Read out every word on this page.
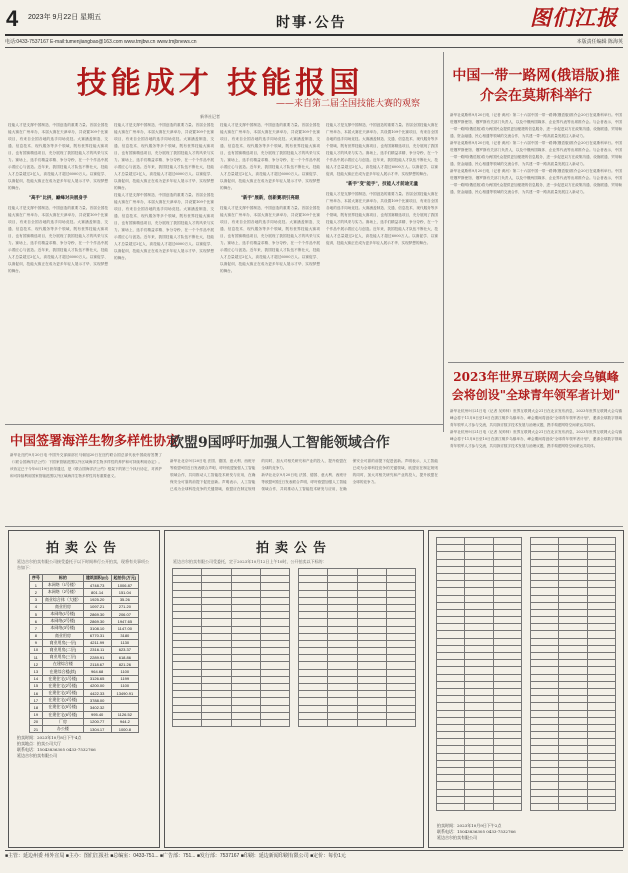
4 2023年 9月22日 星期五	时事·公告	图们江报
电话:0433-7537167 E-mail:tumenjiangbao@163.com www.tmjbw.cn www.tmjbnews.cn	本版责任编辑 陈海英
技能成才 技能报国
——来自第二届全国技能大赛的观察
新华社记者
技能人才是支撑中国制造、中国创造的重要力量。首届全国技能大赛在广州举办，本届大赛在天津举办，共设置109个比赛项目，有来自全国各地的选手同场竞技。大赛涵盖制造、交通、信息技术、现代服务等多个领域，既有世界技能大赛项目，也有国赛精选项目，充分展现了我国技能人才的风采与实力。赛场上，选手们精益求精、争分夺秒，在一个个作品中展示着匠心与创造。近年来，我国技能人才队伍不断壮大，技能人才总量超过2亿人，高技能人才超过6000万人。以赛促学、以赛促训，技能大赛正在成为更多年轻人展示才华、实现梦想的舞台。
"高手"比拼，巅峰对决展身手
技能人才是支撑中国制造、中国创造的重要力量。首届全国技能大赛在广州举办，本届大赛在天津举办，共设置109个比赛项目，有来自全国各地的选手同场竞技。大赛涵盖制造、交通、信息技术、现代服务等多个领域，既有世界技能大赛项目，也有国赛精选项目，充分展现了我国技能人才的风采与实力。赛场上，选手们精益求精、争分夺秒，在一个个作品中展示着匠心与创造。近年来，我国技能人才队伍不断壮大，技能人才总量超过2亿人，高技能人才超过6000万人。以赛促学、以赛促训，技能大赛正在成为更多年轻人展示才华、实现梦想的舞台。
技能人才是支撑中国制造、中国创造的重要力量。首届全国技能大赛在广州举办，本届大赛在天津举办，共设置109个比赛项目，有来自全国各地的选手同场竞技。大赛涵盖制造、交通、信息技术、现代服务等多个领域，既有世界技能大赛项目，也有国赛精选项目，充分展现了我国技能人才的风采与实力。赛场上，选手们精益求精、争分夺秒，在一个个作品中展示着匠心与创造。近年来，我国技能人才队伍不断壮大，技能人才总量超过2亿人，高技能人才超过6000万人。以赛促学、以赛促训，技能大赛正在成为更多年轻人展示才华、实现梦想的舞台。
技能人才是支撑中国制造、中国创造的重要力量。首届全国技能大赛在广州举办，本届大赛在天津举办，共设置109个比赛项目，有来自全国各地的选手同场竞技。大赛涵盖制造、交通、信息技术、现代服务等多个领域，既有世界技能大赛项目，也有国赛精选项目，充分展现了我国技能人才的风采与实力。赛场上，选手们精益求精、争分夺秒，在一个个作品中展示着匠心与创造。近年来，我国技能人才队伍不断壮大，技能人才总量超过2亿人，高技能人才超过6000万人。以赛促学、以赛促训，技能大赛正在成为更多年轻人展示才华、实现梦想的舞台。
技能人才是支撑中国制造、中国创造的重要力量。首届全国技能大赛在广州举办，本届大赛在天津举办，共设置109个比赛项目，有来自全国各地的选手同场竞技。大赛涵盖制造、交通、信息技术、现代服务等多个领域，既有世界技能大赛项目，也有国赛精选项目，充分展现了我国技能人才的风采与实力。赛场上，选手们精益求精、争分夺秒，在一个个作品中展示着匠心与创造。近年来，我国技能人才队伍不断壮大，技能人才总量超过2亿人，高技能人才超过6000万人。以赛促学、以赛促训，技能大赛正在成为更多年轻人展示才华、实现梦想的舞台。
"新手"展新，创新赛项引亮眼
技能人才是支撑中国制造、中国创造的重要力量。首届全国技能大赛在广州举办，本届大赛在天津举办，共设置109个比赛项目，有来自全国各地的选手同场竞技。大赛涵盖制造、交通、信息技术、现代服务等多个领域，既有世界技能大赛项目，也有国赛精选项目，充分展现了我国技能人才的风采与实力。赛场上，选手们精益求精、争分夺秒，在一个个作品中展示着匠心与创造。近年来，我国技能人才队伍不断壮大，技能人才总量超过2亿人，高技能人才超过6000万人。以赛促学、以赛促训，技能大赛正在成为更多年轻人展示才华、实现梦想的舞台。
技能人才是支撑中国制造、中国创造的重要力量。首届全国技能大赛在广州举办，本届大赛在天津举办，共设置109个比赛项目，有来自全国各地的选手同场竞技。大赛涵盖制造、交通、信息技术、现代服务等多个领域，既有世界技能大赛项目，也有国赛精选项目，充分展现了我国技能人才的风采与实力。赛场上，选手们精益求精、争分夺秒，在一个个作品中展示着匠心与创造。近年来，我国技能人才队伍不断壮大，技能人才总量超过2亿人，高技能人才超过6000万人。以赛促学、以赛促训，技能大赛正在成为更多年轻人展示才华、实现梦想的舞台。
"新手"变"能手"，技能人才前途无量
技能人才是支撑中国制造、中国创造的重要力量。首届全国技能大赛在广州举办，本届大赛在天津举办，共设置109个比赛项目，有来自全国各地的选手同场竞技。大赛涵盖制造、交通、信息技术、现代服务等多个领域，既有世界技能大赛项目，也有国赛精选项目，充分展现了我国技能人才的风采与实力。赛场上，选手们精益求精、争分夺秒，在一个个作品中展示着匠心与创造。近年来，我国技能人才队伍不断壮大，技能人才总量超过2亿人，高技能人才超过6000万人。以赛促学、以赛促训，技能大赛正在成为更多年轻人展示才华、实现梦想的舞台。
中国一带一路网(俄语版)推介会在莫斯科举行
新华社莫斯科9月20日电（记者 黄河）第二十六届中国一带一路网(俄语版)推介会20日在莫斯科举行。中国驻俄罗斯使馆、俄罗斯有关部门负责人，以及中俄两国媒体、企业界代表等出席推介会。与会者表示，中国一带一路网(俄语版)将为两国民众提供更加便捷的信息服务，进一步促进双方在政策沟通、设施联通、贸易畅通、资金融通、民心相通等领域的交流合作，为共建一带一路高质量发展注入新动力。
新华社莫斯科9月20日电（记者 黄河）第二十六届中国一带一路网(俄语版)推介会20日在莫斯科举行。中国驻俄罗斯使馆、俄罗斯有关部门负责人，以及中俄两国媒体、企业界代表等出席推介会。与会者表示，中国一带一路网(俄语版)将为两国民众提供更加便捷的信息服务，进一步促进双方在政策沟通、设施联通、贸易畅通、资金融通、民心相通等领域的交流合作，为共建一带一路高质量发展注入新动力。
新华社莫斯科9月20日电（记者 黄河）第二十六届中国一带一路网(俄语版)推介会20日在莫斯科举行。中国驻俄罗斯使馆、俄罗斯有关部门负责人，以及中俄两国媒体、企业界代表等出席推介会。与会者表示，中国一带一路网(俄语版)将为两国民众提供更加便捷的信息服务，进一步促进双方在政策沟通、设施联通、贸易畅通、资金融通、民心相通等领域的交流合作，为共建一带一路高质量发展注入新动力。
2023年世界互联网大会乌镇峰会将创设"全球青年领军者计划"
新华社杭州9月21日电（记者 吴帅帅）世界互联网大会21日在北京发布消息，2023年世界互联网大会乌镇峰会将于11月8日至10日在浙江桐乡乌镇举办，峰会期间将创设"全球青年领军者计划"，邀请全球数字领域青年领军人才参与交流，共同探讨数字技术发展与治理议题，携手构建网络空间命运共同体。
新华社杭州9月21日电（记者 吴帅帅）世界互联网大会21日在北京发布消息，2023年世界互联网大会乌镇峰会将于11月8日至10日在浙江桐乡乌镇举办，峰会期间将创设"全球青年领军者计划"，邀请全球数字领域青年领军人才参与交流，共同探讨数字技术发展与治理议题，携手构建网络空间命运共同体。
中国签署海洋生物多样性协定
新华社纽约9月20日电 中国外交部副部长马朝旭20日在纽约联合国总部代表中国政府签署了《〈联合国海洋法公约〉下国家管辖范围以外区域海洋生物多样性的养护和可持续利用协定》。该协定已于今年6月19日获得通过，是《联合国海洋法公约》框架下的第三个执行协定，对养护和可持续利用国家管辖范围以外区域海洋生物多样性具有重要意义。
欧盟9国呼吁加强人工智能领域合作
新华社北京9月20日电 法国、德国、意大利、西班牙等欧盟9国近日发表联合声明，呼吁欧盟加强人工智能领域合作，共同推动人工智能技术研发与应用，在确保安全可靠的前提下促进创新。声明表示，人工智能已成为全球科技竞争的关键领域，欧盟应在制定规则的同时，加大对相关研究和产业的投入，提升欧盟在全球的竞争力。
新华社北京9月20日电 法国、德国、意大利、西班牙等欧盟9国近日发表联合声明，呼吁欧盟加强人工智能领域合作，共同推动人工智能技术研发与应用，在确保安全可靠的前提下促进创新。声明表示，人工智能已成为全球科技竞争的关键领域，欧盟应在制定规则的同时，加大对相关研究和产业的投入，提升欧盟在全球的竞争力。
拍卖公告
延边吉尔拍卖有限公司接受委托于以下时间举行公开拍卖，现将有关事项公告如下：
序号	标的	建筑面积(㎡)	起拍价(万元)
1	本网络（1号楼）	4748.73	1006.87
2	本网络（2号楼）	801.14	151.04
3	商业综合体（大楼）	1925.20	35.26
4	商业用房	1097.21	271.20
5	本网络(1号楼)	2869.30	206.07
6	本网络(2号楼)	2869.30	1947.65
7	本网络(3号楼)	3108.10	1147.00
8	商业用房	6770.31	3180
9	商业用房(一层)	4211.99	1130
10	商业用房(二层)	2316.11	623.37
11	商业用房(三层)	2289.91	618.86
12	在建综合楼	2118.67	821.26
13	在建综合楼(续)	964.68	1100
14	在建住宅(1号楼)	3126.65	1199
15	在建住宅(2号楼)	4200.00	1100
16	在建住宅(3号楼)	4422.33	13490.91
17	在建住宅(4号楼)	3788.00	
18	在建住宅(5号楼)	3402.32	
19	在建住宅(6号楼)	995.40	1126.52
20	厂房	1200.77	944.2
21	办公楼	1304.17	1000.8
拍卖时间：2023年10月8日下午4点
拍卖地点：拍卖公司大厅
联系电话：15043836305 0433-7532766
延边吉尔拍卖有限公司
拍卖公告
延边吉尔拍卖有限公司受委托，定于2023年10月12日上午10时，公开拍卖以下标的：

拍卖时间：2023年10月9日下午2点
联系电话：15043836305 0433-7532766
延边吉尔拍卖有限公司
■主管：延边州委 州外宣局 ■主办：图们江报社 ■总编室：0433-751... ■广告部：751... ■发行部：7537167 ■印刷：延边新闻印刷有限公司 ■定价：每份1元
